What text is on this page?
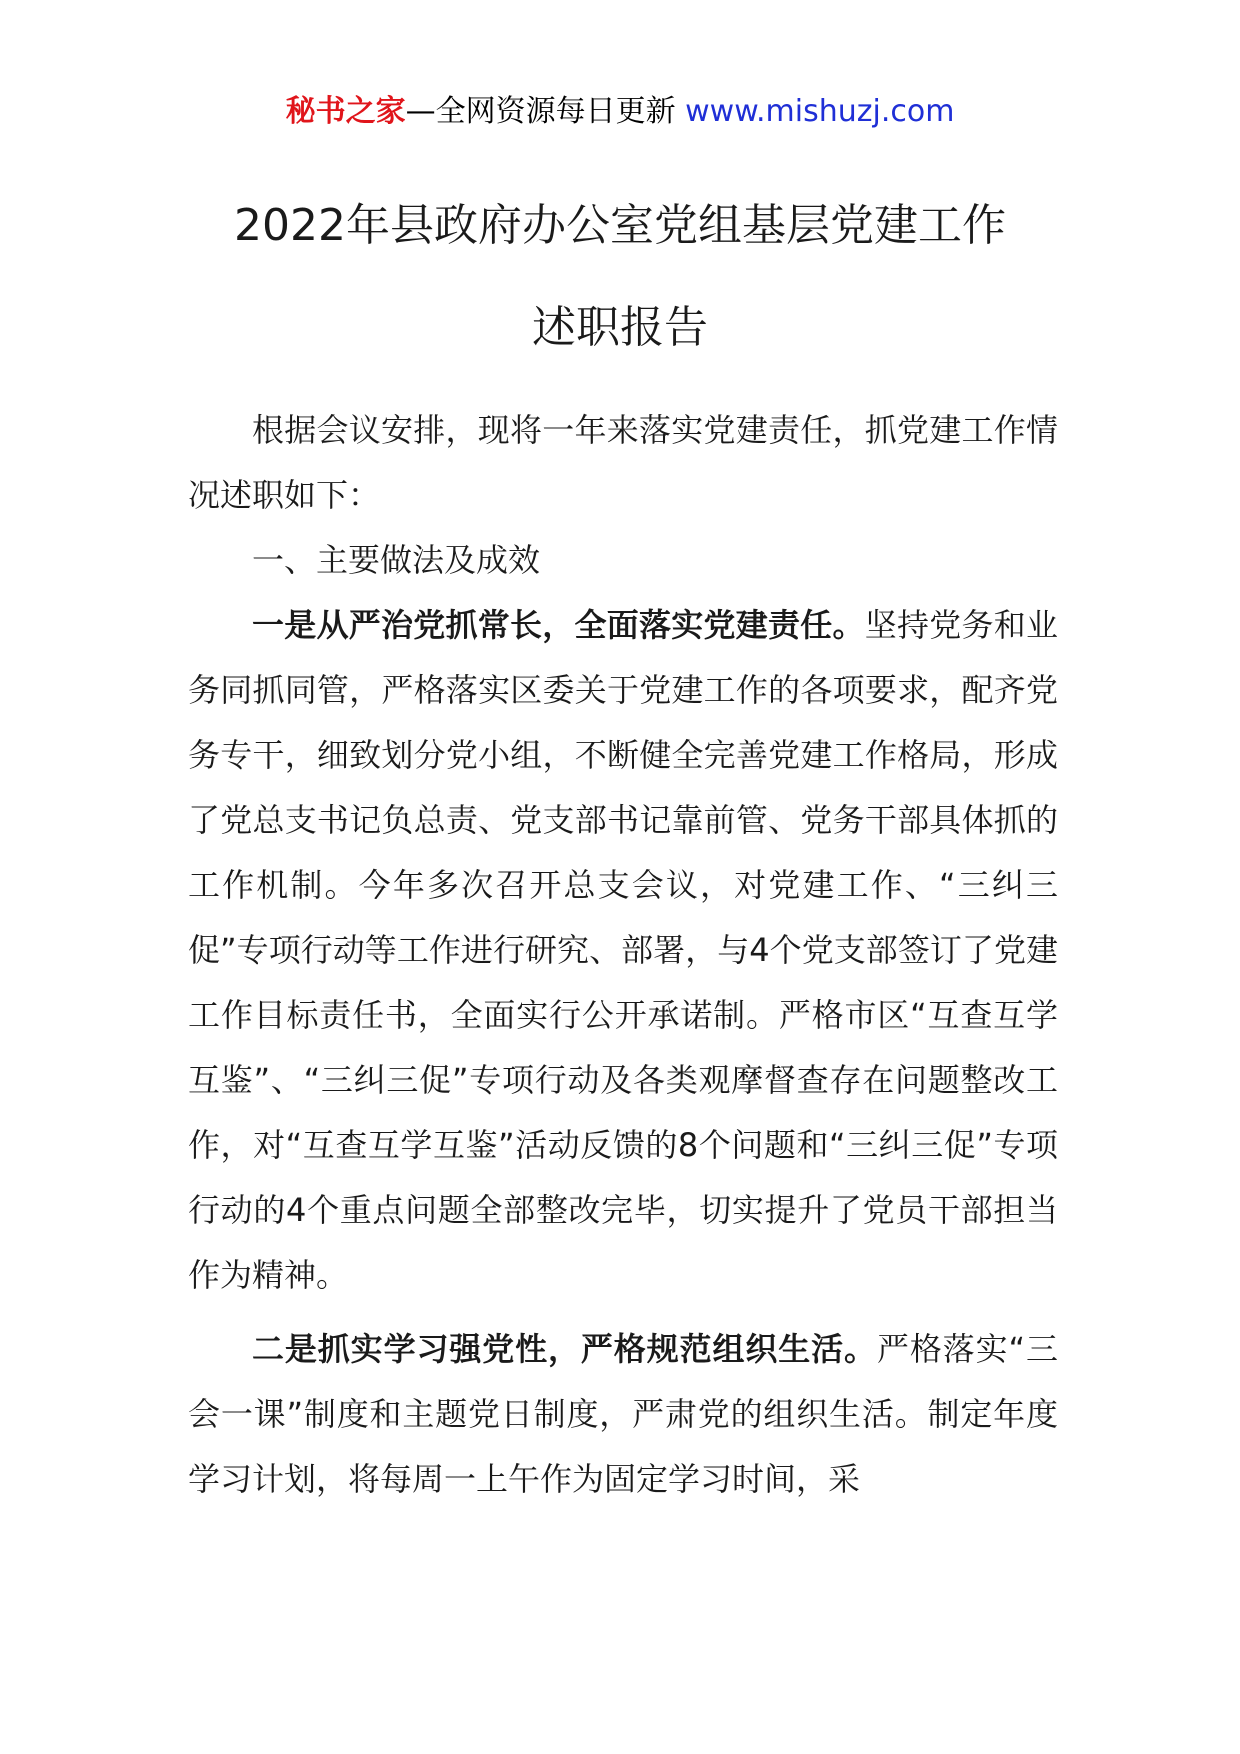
秘书之家—全网资源每日更新 www.mishuzj.com
2022年县政府办公室党组基层党建工作
述职报告

根据会议安排，现将一年来落实党建责任，抓党建工作情况述职如下：

一、主要做法及成效

一是从严治党抓常长，全面落实党建责任。坚持党务和业务同抓同管，严格落实区委关于党建工作的各项要求，配齐党务专干，细致划分党小组，不断健全完善党建工作格局，形成了党总支书记负总责、党支部书记靠前管、党务干部具体抓的工作机制。今年多次召开总支会议，对党建工作、“三纠三促”专项行动等工作进行研究、部署，与4个党支部签订了党建工作目标责任书，全面实行公开承诺制。严格市区“互查互学互鉴”、“三纠三促”专项行动及各类观摩督查存在问题整改工作，对“互查互学互鉴”活动反馈的8个问题和“三纠三促”专项行动的4个重点问题全部整改完毕，切实提升了党员干部担当作为精神。

二是抓实学习强党性，严格规范组织生活。严格落实“三会一课”制度和主题党日制度，严肃党的组织生活。制定年度学习计划，将每周一上午作为固定学习时间，采
